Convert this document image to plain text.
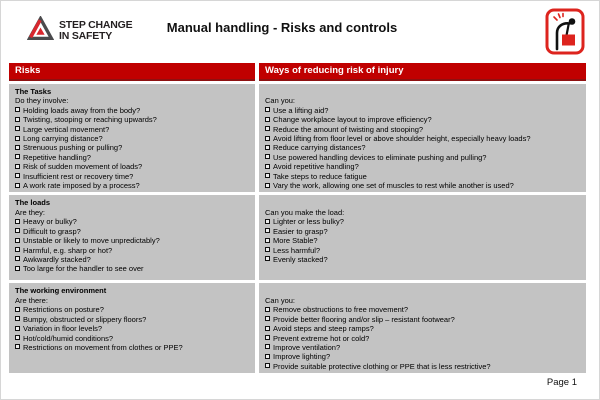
STEP CHANGE
IN SAFETY
Manual handling - Risks and controls
Risks	Ways of reducing risk of injury
The Tasks
Do they involve:
Holding loads away from the body?
Twisting, stooping or reaching upwards?
Large vertical movement?
Long carrying distance?
Strenuous pushing or pulling?
Repetitive handling?
Risk of sudden movement of loads?
Insufficient rest or recovery time?
A work rate imposed by a process?

Can you:
Use a lifting aid?
Change workplace layout to improve efficiency?
Reduce the amount of twisting and stooping?
Avoid lifting from floor level or above shoulder height, especially heavy loads?
Reduce carrying distances?
Use powered handling devices to eliminate pushing and pulling?
Avoid repetitive handling?
Take steps to reduce fatigue
Vary the work, allowing one set of muscles to rest while another is used?
The loads
Are they:
Heavy or bulky?
Difficult to grasp?
Unstable or likely to move unpredictably?
Harmful, e.g. sharp or hot?
Awkwardly stacked?
Too large for the handler to see over

Can you make the load:
Lighter or less bulky?
Easier to grasp?
More Stable?
Less harmful?
Evenly stacked?
The working environment
Are there:
Restrictions on posture?
Bumpy, obstructed or slippery floors?
Variation in floor levels?
Hot/cold/humid conditions?
Restrictions on movement from clothes or PPE?

Can you:
Remove obstructions to free movement?
Provide better flooring and/or slip – resistant footwear?
Avoid steps and steep ramps?
Prevent extreme hot or cold?
Improve ventilation?
Improve lighting?
Provide suitable protective clothing or PPE that is less restrictive?
Page 1
